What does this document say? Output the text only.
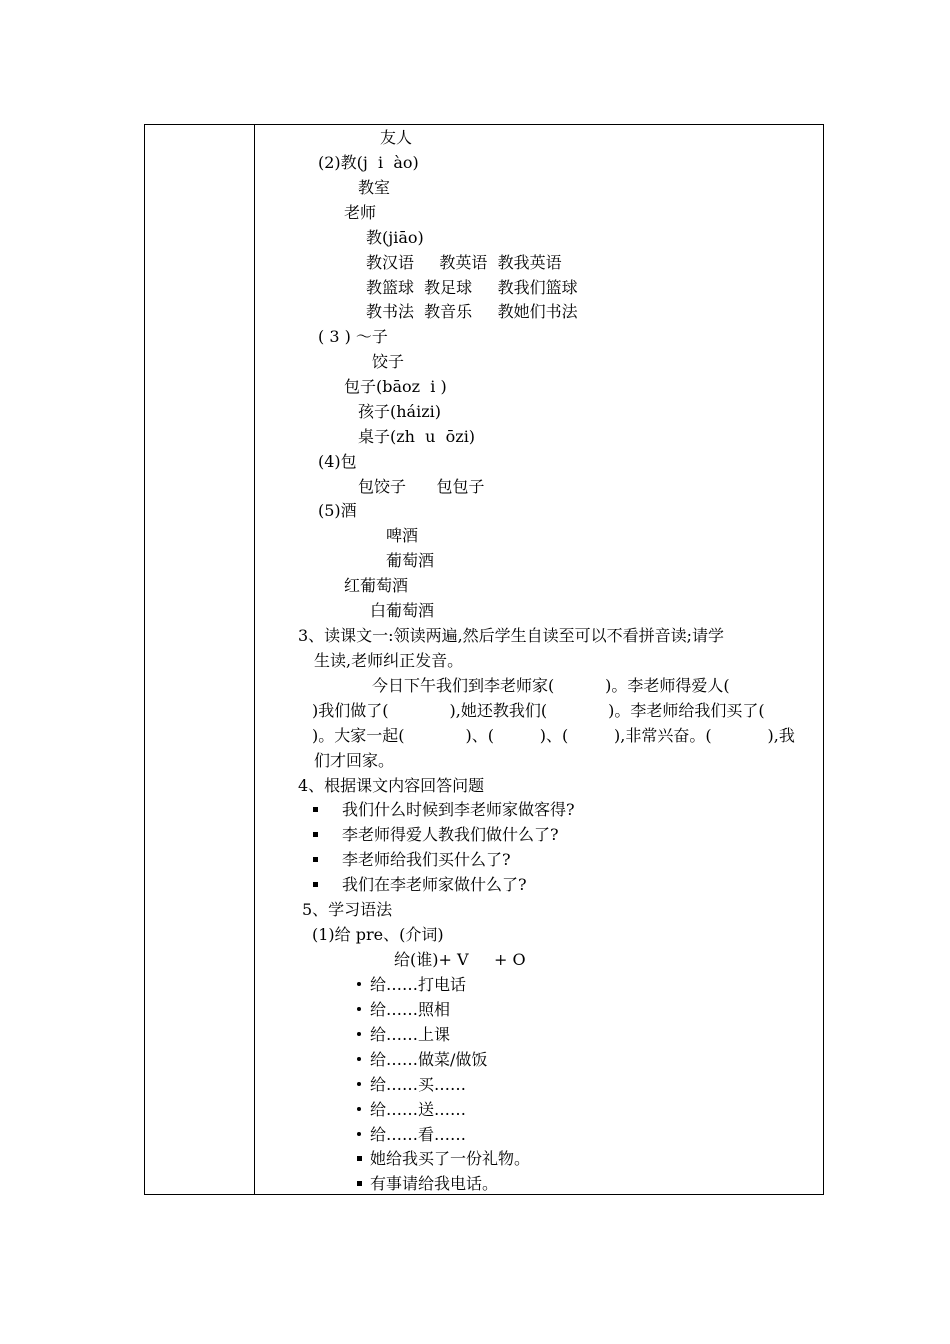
友人
(2)教(j  i  ào)
教室
老师
教(jiāo)
教汉语     教英语  教我英语
教篮球  教足球     教我们篮球
教书法  教音乐     教她们书法
( 3 ) ～子
饺子
包子(bāoz  i )
孩子(háizi)
桌子(zh  u  ōzi)
(4)包
包饺子      包包子
(5)酒
啤酒
葡萄酒
红葡萄酒
白葡萄酒
3、读课文一:领读两遍,然后学生自读至可以不看拼音读;请学
生读,老师纠正发音。
今日下午我们到李老师家(          )。李老师得爱人(
)我们做了(            ),她还教我们(            )。李老师给我们买了(
)。大家一起(            )、(         )、(         ),非常兴奋。(           ),我
们才回家。
4、根据课文内容回答问题
我们什么时候到李老师家做客得?
李老师得爱人教我们做什么了?
李老师给我们买什么了?
我们在李老师家做什么了?
5、学习语法
(1)给 pre、(介词)
给(谁)+ V     + O
给……打电话
给……照相
给……上课
给……做菜/做饭
给……买……
给……送……
给……看……
她给我买了一份礼物。
有事请给我电话。
